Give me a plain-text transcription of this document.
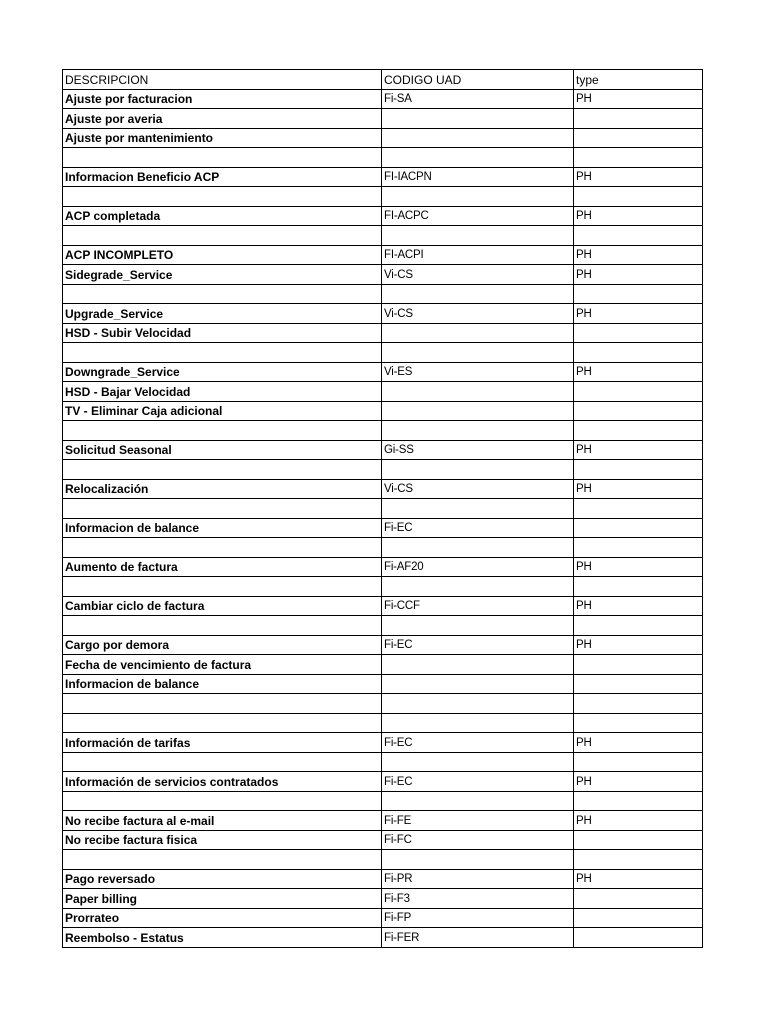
DESCRIPCION	CODIGO UAD	type
Ajuste por facturacion	Fi-SA	PH
Ajuste por averia		
Ajuste por mantenimiento		

Informacion Beneficio ACP	FI-IACPN	PH

ACP completada	FI-ACPC	PH

ACP INCOMPLETO	FI-ACPI	PH
Sidegrade_Service	Vi-CS	PH

Upgrade_Service	Vi-CS	PH
HSD - Subir Velocidad		

Downgrade_Service	Vi-ES	PH
HSD - Bajar Velocidad		
TV - Eliminar Caja adicional		

Solicitud Seasonal	Gi-SS	PH

Relocalización	Vi-CS	PH

Informacion de balance	Fi-EC	

Aumento de factura	Fi-AF20	PH

Cambiar ciclo de factura	Fi-CCF	PH

Cargo por demora	Fi-EC	PH
Fecha de vencimiento de factura		
Informacion de balance		

Información de tarifas	Fi-EC	PH

Información de servicios contratados	Fi-EC	PH

No recibe factura al e-mail	Fi-FE	PH
No recibe factura fisica	Fi-FC	

Pago reversado	Fi-PR	PH
Paper billing	Fi-F3	
Prorrateo	Fi-FP	
Reembolso - Estatus	Fi-FER	
